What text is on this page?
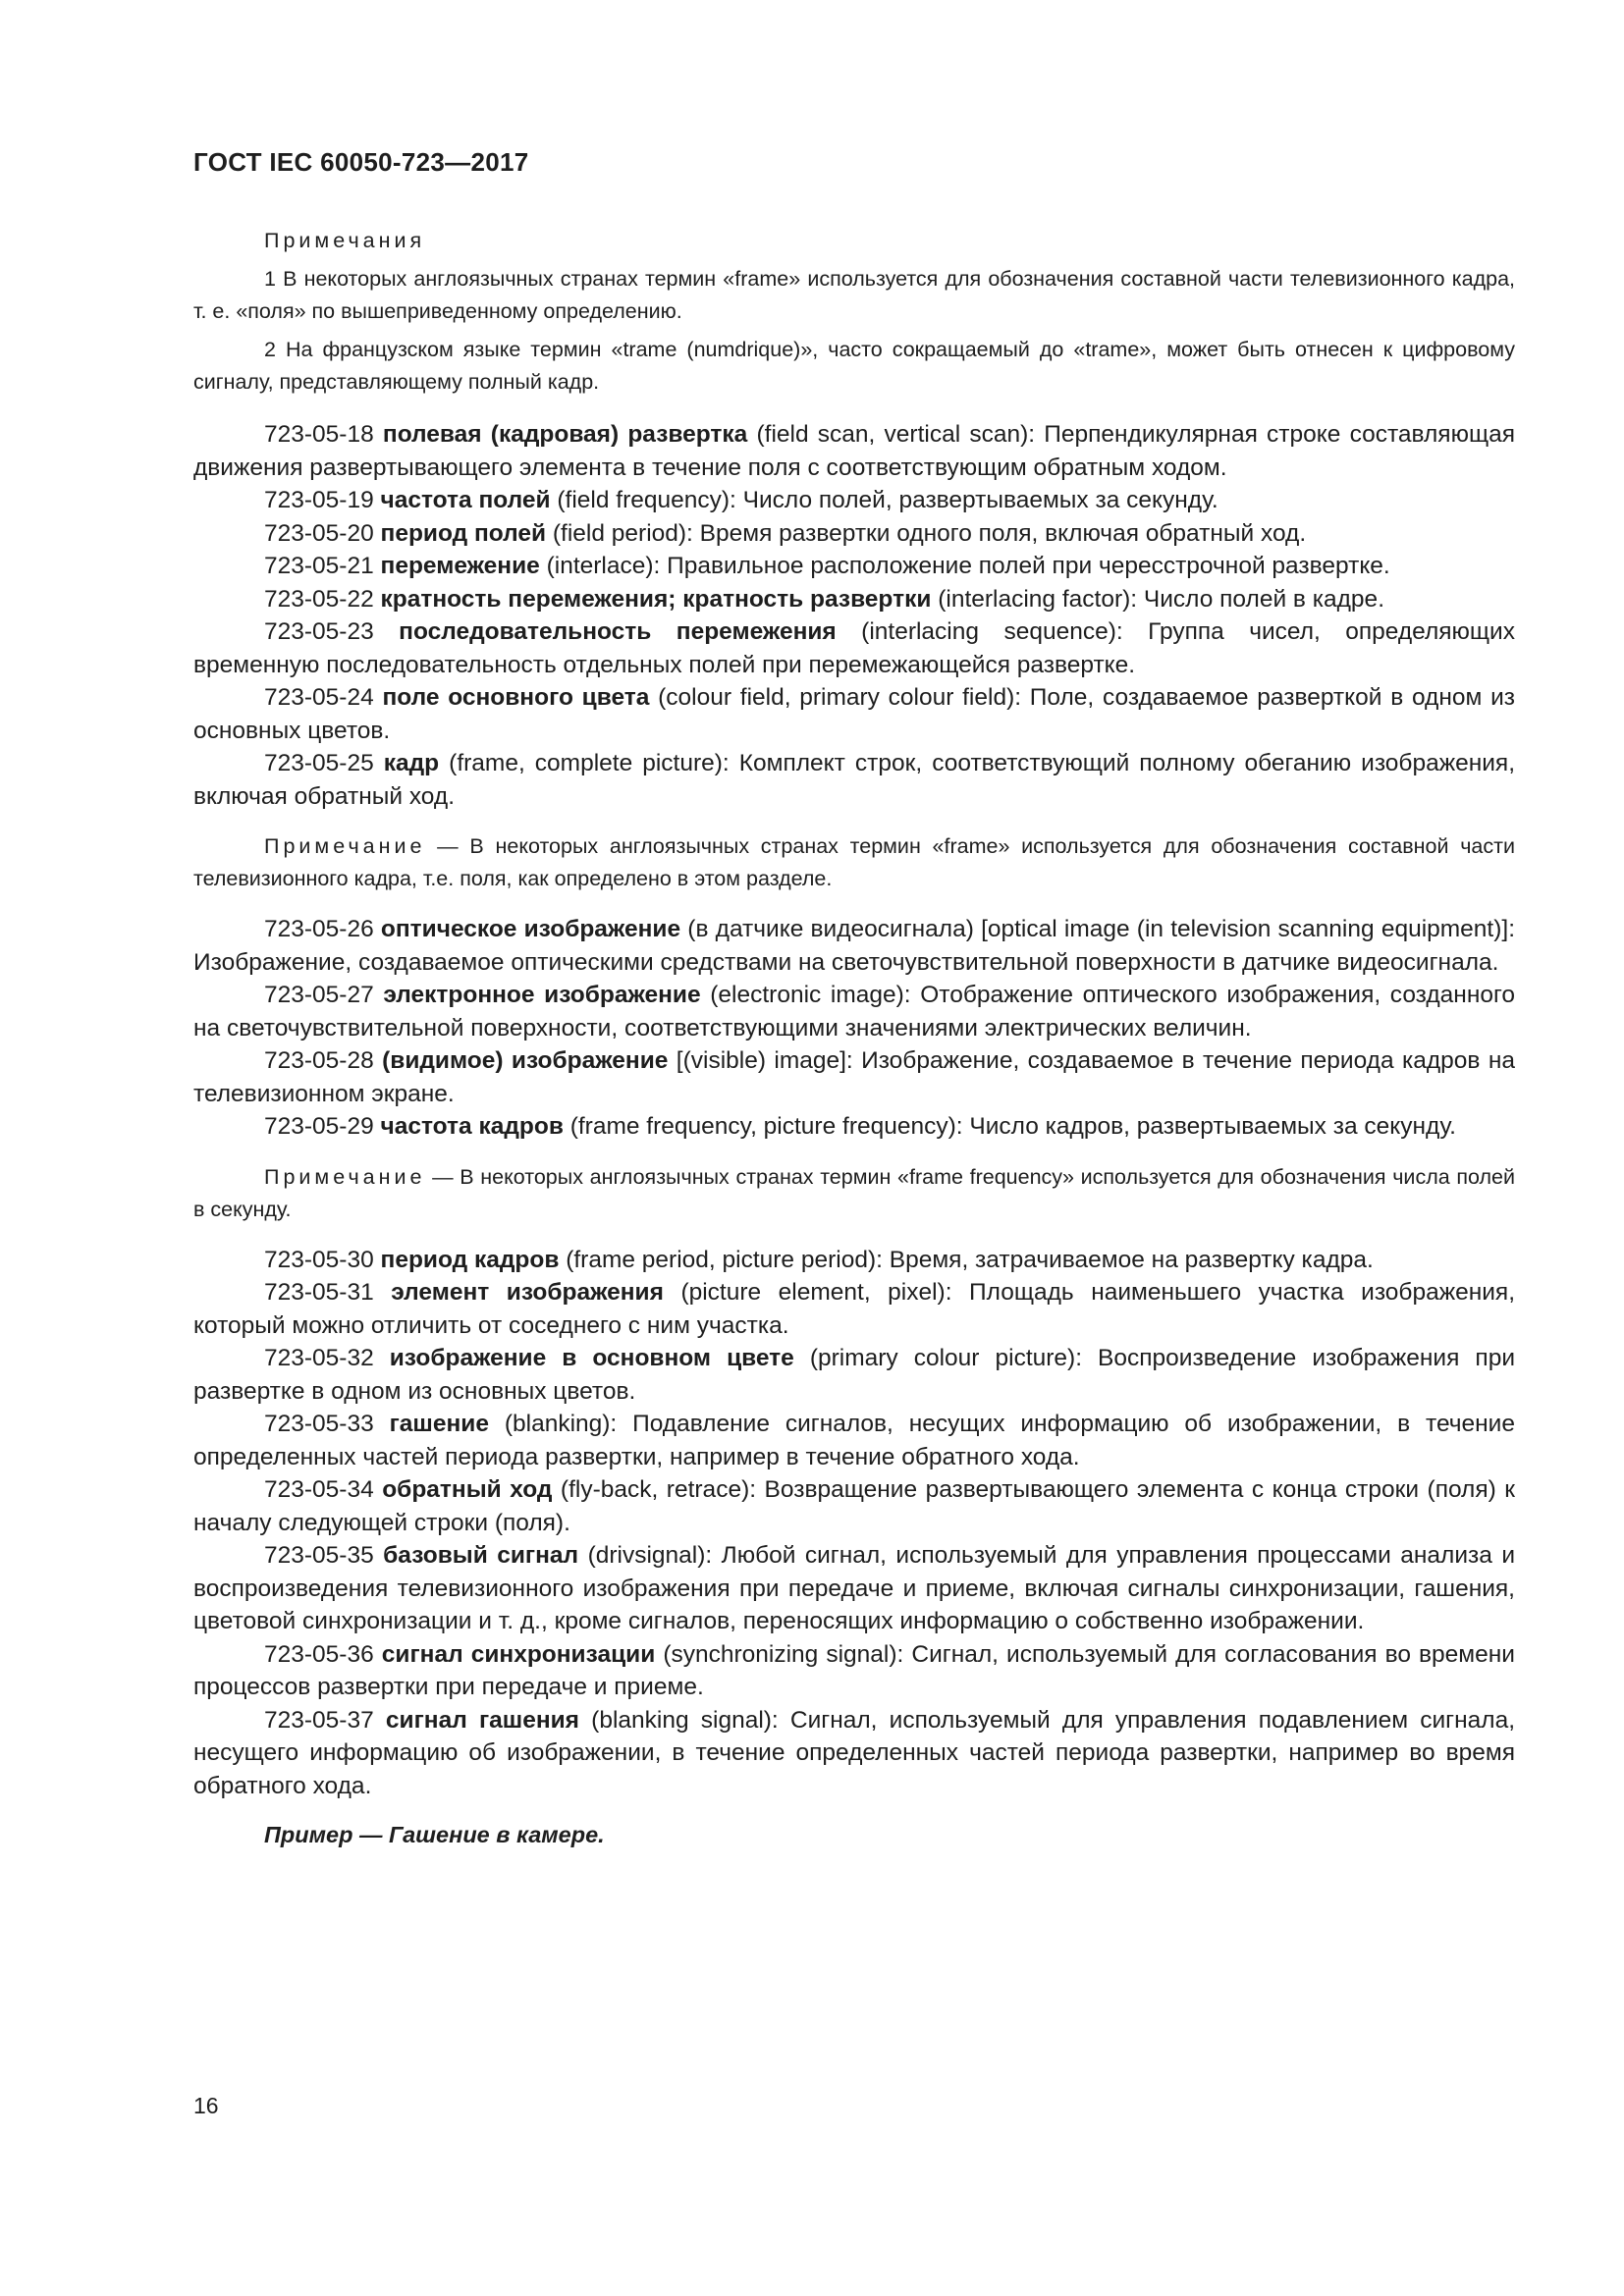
ГОСТ IEC 60050-723—2017
Примечания

1 В некоторых англоязычных странах термин «frame» используется для обозначения составной части телевизионного кадра, т. е. «поля» по вышеприведенному определению.

2 На французском языке термин «trame (numdrique)», часто сокращаемый до «trame», может быть отнесен к цифровому сигналу, представляющему полный кадр.

723-05-18 полевая (кадровая) развертка (field scan, vertical scan): Перпендикулярная строке составляющая движения развертывающего элемента в течение поля с соответствующим обратным ходом.

723-05-19 частота полей (field frequency): Число полей, развертываемых за секунду.

723-05-20 период полей (field period): Время развертки одного поля, включая обратный ход.

723-05-21 перемежение (interlace): Правильное расположение полей при чересстрочной развертке.

723-05-22 кратность перемежения; кратность развертки (interlacing factor): Число полей в кадре.

723-05-23 последовательность перемежения (interlacing sequence): Группа чисел, определяющих временную последовательность отдельных полей при перемежающейся развертке.

723-05-24 поле основного цвета (colour field, primary colour field): Поле, создаваемое разверткой в одном из основных цветов.

723-05-25 кадр (frame, complete picture): Комплект строк, соответствующий полному обеганию изображения, включая обратный ход.

Примечание — В некоторых англоязычных странах термин «frame» используется для обозначения составной части телевизионного кадра, т.е. поля, как определено в этом разделе.

723-05-26 оптическое изображение (в датчике видеосигнала) [optical image (in television scanning equipment)]: Изображение, создаваемое оптическими средствами на светочувствительной поверхности в датчике видеосигнала.

723-05-27 электронное изображение (electronic image): Отображение оптического изображения, созданного на светочувствительной поверхности, соответствующими значениями электрических величин.

723-05-28 (видимое) изображение [(visible) image]: Изображение, создаваемое в течение периода кадров на телевизионном экране.

723-05-29 частота кадров (frame frequency, picture frequency): Число кадров, развертываемых за секунду.

Примечание — В некоторых англоязычных странах термин «frame frequency» используется для обозначения числа полей в секунду.

723-05-30 период кадров (frame period, picture period): Время, затрачиваемое на развертку кадра.

723-05-31 элемент изображения (picture element, pixel): Площадь наименьшего участка изображения, который можно отличить от соседнего с ним участка.

723-05-32 изображение в основном цвете (primary colour picture): Воспроизведение изображения при развертке в одном из основных цветов.

723-05-33 гашение (blanking): Подавление сигналов, несущих информацию об изображении, в течение определенных частей периода развертки, например в течение обратного хода.

723-05-34 обратный ход (fly-back, retrace): Возвращение развертывающего элемента с конца строки (поля) к началу следующей строки (поля).

723-05-35 базовый сигнал (drivsignal): Любой сигнал, используемый для управления процессами анализа и воспроизведения телевизионного изображения при передаче и приеме, включая сигналы синхронизации, гашения, цветовой синхронизации и т. д., кроме сигналов, переносящих информацию о собственно изображении.

723-05-36 сигнал синхронизации (synchronizing signal): Сигнал, используемый для согласования во времени процессов развертки при передаче и приеме.

723-05-37 сигнал гашения (blanking signal): Сигнал, используемый для управления подавлением сигнала, несущего информацию об изображении, в течение определенных частей периода развертки, например во время обратного хода.

Пример — Гашение в камере.

16
